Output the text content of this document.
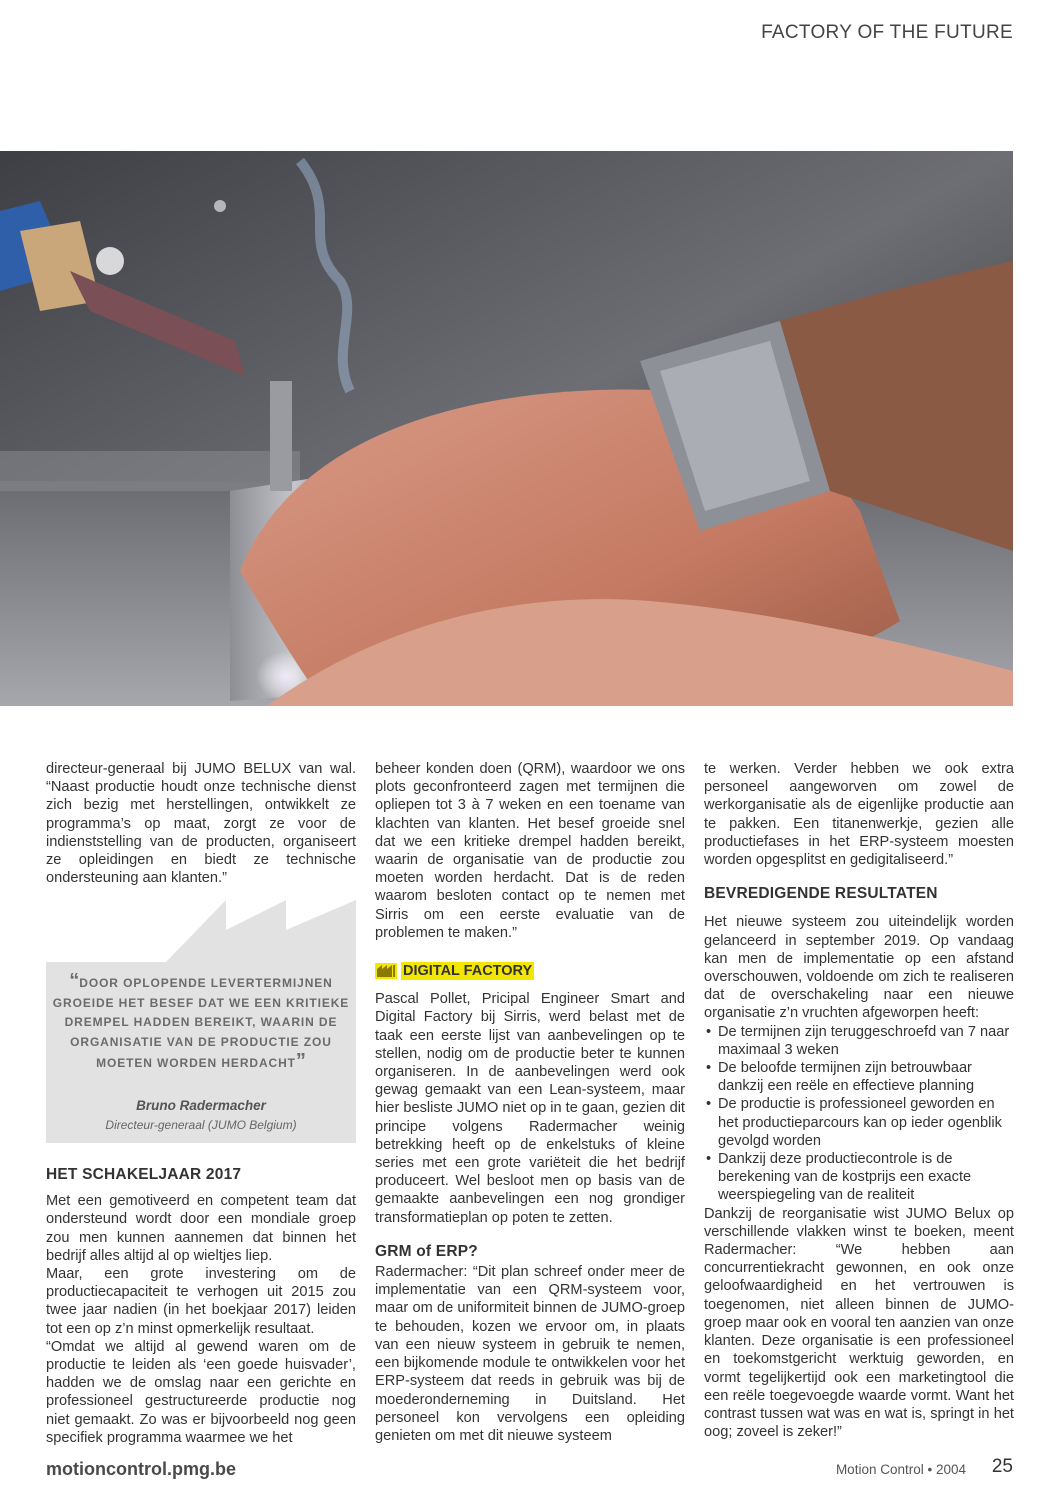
FACTORY OF THE FUTURE

directeur-generaal bij JUMO BELUX van wal. “Naast productie houdt onze technische dienst zich bezig met herstellingen, ontwikkelt ze programma’s op maat, zorgt ze voor de indienststelling van de producten, organiseert ze opleidingen en biedt ze technische ondersteuning aan klanten.”

“DOOR OPLOPENDE LEVERTERMIJNEN GROEIDE HET BESEF DAT WE EEN KRITIEKE DREMPEL HADDEN BEREIKT, WAARIN DE ORGANISATIE VAN DE PRODUCTIE ZOU MOETEN WORDEN HERDACHT”
Bruno Radermacher
Directeur-generaal (JUMO Belgium)

HET SCHAKELJAAR 2017

Met een gemotiveerd en competent team dat ondersteund wordt door een mondiale groep zou men kunnen aannemen dat binnen het bedrijf alles altijd al op wieltjes liep.

Maar, een grote investering om de productiecapaciteit te verhogen uit 2015 zou twee jaar nadien (in het boekjaar 2017) leiden tot een op z’n minst opmerkelijk resultaat.

“Omdat we altijd al gewend waren om de productie te leiden als ‘een goede huisvader’, hadden we de omslag naar een gerichte en professioneel gestructureerde productie nog niet gemaakt. Zo was er bijvoorbeeld nog geen specifiek programma waarmee we het

beheer konden doen (QRM), waardoor we ons plots geconfronteerd zagen met termijnen die opliepen tot 3 à 7 weken en een toename van klachten van klanten. Het besef groeide snel dat we een kritieke drempel hadden bereikt, waarin de organisatie van de productie zou moeten worden herdacht. Dat is de reden waarom besloten contact op te nemen met Sirris om een eerste evaluatie van de problemen te maken.”

DIGITAL FACTORY

Pascal Pollet, Pricipal Engineer Smart and Digital Factory bij Sirris, werd belast met de taak een eerste lijst van aanbevelingen op te stellen, nodig om de productie beter te kunnen organiseren. In de aanbevelingen werd ook gewag gemaakt van een Lean-systeem, maar hier besliste JUMO niet op in te gaan, gezien dit principe volgens Radermacher weinig betrekking heeft op de enkelstuks of kleine series met een grote variëteit die het bedrijf produceert. Wel besloot men op basis van de gemaakte aanbevelingen een nog grondiger transformatieplan op poten te zetten.

GRM of ERP?

Radermacher: “Dit plan schreef onder meer de implementatie van een QRM-systeem voor, maar om de uniformiteit binnen de JUMO-groep te behouden, kozen we ervoor om, in plaats van een nieuw systeem in gebruik te nemen, een bijkomende module te ontwikkelen voor het ERP-systeem dat reeds in gebruik was bij de moederonderneming in Duitsland. Het personeel kon vervolgens een opleiding genieten om met dit nieuwe systeem

te werken. Verder hebben we ook extra personeel aangeworven om zowel de werkorganisatie als de eigenlijke productie aan te pakken. Een titanenwerkje, gezien alle productiefases in het ERP-systeem moesten worden opgesplitst en gedigitaliseerd.”

BEVREDIGENDE RESULTATEN

Het nieuwe systeem zou uiteindelijk worden gelanceerd in september 2019. Op vandaag kan men de implementatie op een afstand overschouwen, voldoende om zich te realiseren dat de overschakeling naar een nieuwe organisatie z’n vruchten afgeworpen heeft:

• De termijnen zijn teruggeschroefd van 7 naar maximaal 3 weken
• De beloofde termijnen zijn betrouwbaar dankzij een reële en effectieve planning
• De productie is professioneel geworden en het productieparcours kan op ieder ogenblik gevolgd worden
• Dankzij deze productiecontrole is de berekening van de kostprijs een exacte weerspiegeling van de realiteit

Dankzij de reorganisatie wist JUMO Belux op verschillende vlakken winst te boeken, meent Radermacher: “We hebben aan concurrentiekracht gewonnen, en ook onze geloofwaardigheid en het vertrouwen is toegenomen, niet alleen binnen de JUMO-groep maar ook en vooral ten aanzien van onze klanten. Deze organisatie is een professioneel en toekomstgericht werktuig geworden, en vormt tegelijkertijd ook een marketingtool die een reële toegevoegde waarde vormt. Want het contrast tussen wat was en wat is, springt in het oog; zoveel is zeker!”

motioncontrol.pmg.be	Motion Control • 2004 25
